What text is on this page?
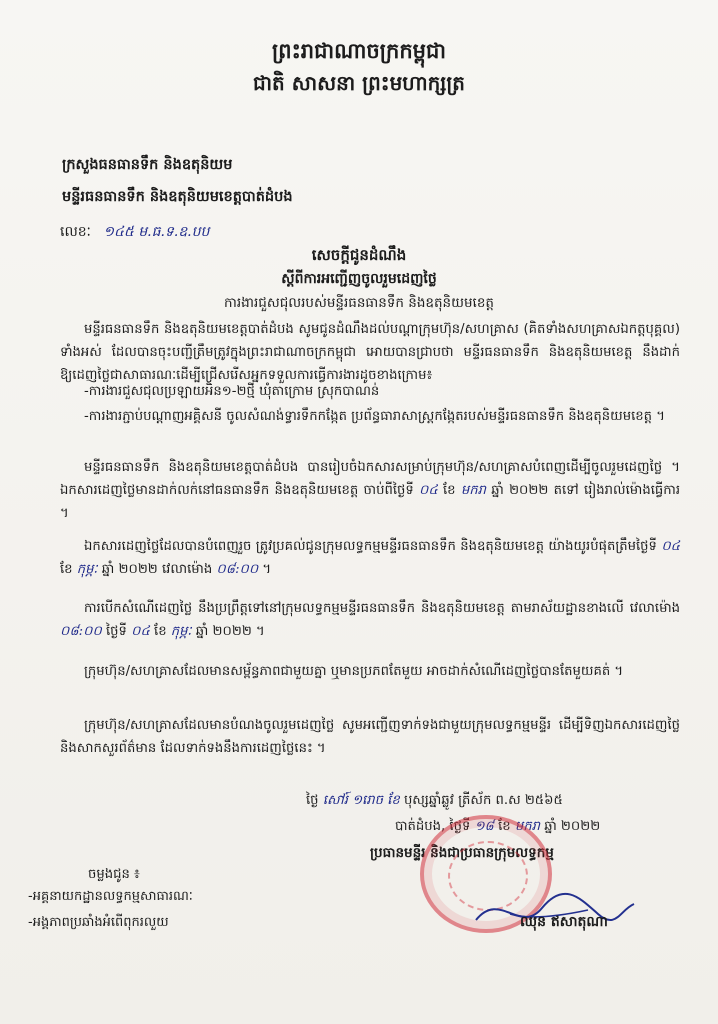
ព្រះរាជាណាចក្រកម្ពុជា
ជាតិ សាសនា ព្រះមហាក្សត្រ
ក្រសួងធនធានទឹក និងឧតុនិយម
មន្ទីរធនធានទឹក និងឧតុនិយមខេត្តបាត់ដំបង
លេខៈ ១៤៥ ម.ធ.ទ.ឧ.បប
សេចក្តីជូនដំណឹង
ស្តីពីការអញ្ជើញចូលរួមដេញថ្លៃ
ការងារជួសជុលរបស់មន្ទីរធនធានទឹក និងឧតុនិយមខេត្ត
មន្ទីរធនធានទឹក និងឧតុនិយមខេត្តបាត់ដំបង សូមជូនដំណឹងដល់បណ្តាក្រុមហ៊ុន/សហគ្រាស (គិតទាំងសហគ្រាសឯកត្តបុគ្គល) ទាំងអស់ ដែលបានចុះបញ្ជីត្រឹមត្រូវក្នុងព្រះរាជាណាចក្រកម្ពុជា អោយបានជ្រាបថា មន្ទីរធនធានទឹក និងឧតុនិយមខេត្ត នឹងដាក់ឱ្យដេញថ្លៃជាសាធារណៈដើម្បីជ្រើសរើសអ្នកទទួលការធ្វើការងារដូចខាងក្រោម៖
-ការងារជួសជុលប្រឡាយអិន១-២ថ្មី ឃុំតាក្រោម ស្រុកបាណន់
-ការងារភ្ជាប់បណ្តាញអគ្គិសនី ចូលសំណង់ទ្វារទឹកកង្កែត ប្រព័ន្ធធារាសាស្រ្តកង្កែតរបស់មន្ទីរធនធានទឹក និងឧតុនិយមខេត្ត ។
មន្ទីរធនធានទឹក និងឧតុនិយមខេត្តបាត់ដំបង បានរៀបចំឯកសារសម្រាប់ក្រុមហ៊ុន/សហគ្រាសបំពេញដើម្បីចូលរួមដេញថ្លៃ ។ ឯកសារដេញថ្លៃមានដាក់លក់នៅធនធានទឹក និងឧតុនិយមខេត្ត ចាប់ពីថ្ងៃទី ០៤ ខែ មករា ឆ្នាំ ២០២២ តទៅ រៀងរាល់ម៉ោងធ្វើការ ។
ឯកសារដេញថ្លៃដែលបានបំពេញរួច ត្រូវប្រគល់ជូនក្រុមលទ្ធកម្មមន្ទីរធនធានទឹក និងឧតុនិយមខេត្ត យ៉ាងយូរបំផុតត្រឹមថ្ងៃទី ០៤ ខែ កុម្ភៈ ឆ្នាំ ២០២២ វេលាម៉ោង ០៨:០០ ។
ការបើកសំណើដេញថ្លៃ នឹងប្រព្រឹត្តទៅនៅក្រុមលទ្ធកម្មមន្ទីរធនធានទឹក និងឧតុនិយមខេត្ត តាមរាស័យដ្ឋានខាងលើ វេលាម៉ោង ០៨:០០ ថ្ងៃទី ០៤ ខែ កុម្ភៈ ឆ្នាំ ២០២២ ។
ក្រុមហ៊ុន/សហគ្រាសដែលមានសម្ព័ន្ធភាពជាមួយគ្នា ឬមានប្រភពតែមួយ អាចដាក់សំណើដេញថ្លៃបានតែមួយគត់ ។
ក្រុមហ៊ុន/សហគ្រាសដែលមានបំណងចូលរួមដេញថ្លៃ សូមអញ្ជើញទាក់ទងជាមួយក្រុមលទ្ធកម្មមន្ទីរ ដើម្បីទិញឯកសារដេញថ្លៃ និងសាកសួរព័ត៌មាន ដែលទាក់ទងនឹងការដេញថ្លៃនេះ ។
ថ្ងៃ សៅរ៍ ១រោច ខែ បុស្សឆ្នាំឆ្លូវ ត្រីស័ក ព.ស ២៥៦៥
បាត់ដំបង, ថ្ងៃទី ១៨ ខែ មករា ឆ្នាំ ២០២២
ប្រធានមន្ទីរ និងជាប្រធានក្រុមលទ្ធកម្ម
ចម្លងជូន ៖
-អគ្គនាយកដ្ឋានលទ្ធកម្មសាធារណៈ
-អង្គភាពប្រឆាំងអំពើពុករលួយ	ឈុន ឥសាតុណា
